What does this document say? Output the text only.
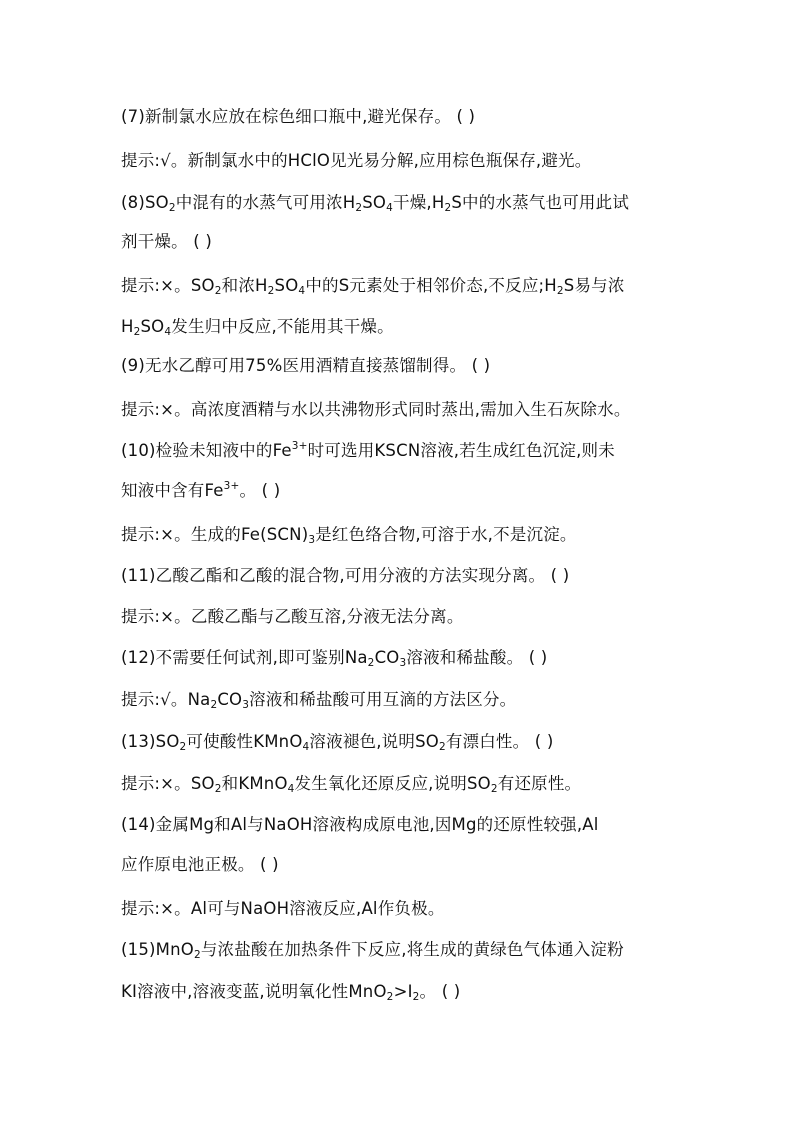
(7)新制氯水应放在棕色细口瓶中,避光保存。 ( )
提示:√。新制氯水中的HClO见光易分解,应用棕色瓶保存,避光。
$(8)SO_2$中混有的水蒸气可用浓$H_2SO_4$干燥$,H_2S$中的水蒸气也可用此试
剂干燥。 ( )
提示:×。$SO_2$和浓$H_2SO_4$中的S元素处于相邻价态,不反应$;H_2S$易与浓
$H_2SO_4$发生归中反应,不能用其干燥。
(9)无水乙醇可用75%医用酒精直接蒸馏制得。 ( )
提示:×。高浓度酒精与水以共沸物形式同时蒸出,需加入生石灰除水。
(10)检验未知液中的$Fe^{3+}$时可选用KSCN溶液,若生成红色沉淀,则未
知液中含有$Fe^{3+}$。 ( )
提示:×。生成的$Fe(SCN)_3$是红色络合物,可溶于水,不是沉淀。
(11)乙酸乙酯和乙酸的混合物,可用分液的方法实现分离。 ( )
提示:×。乙酸乙酯与乙酸互溶,分液无法分离。
(12)不需要任何试剂,即可鉴别$Na_2CO_3$溶液和稀盐酸。 ( )
提示:√。$Na_2CO_3$溶液和稀盐酸可用互滴的方法区分。
$(13)SO_2$可使酸性KMnO$_4$溶液褪色,说明$SO_2$有漂白性。 ( )
提示:×。$SO_2$和KMnO$_4$发生氧化还原反应,说明$SO_2$有还原性。
(14)金属Mg和Al与NaOH溶液构成原电池,因Mg的还原性较强,Al
应作原电池正极。 ( )
提示:×。Al可与NaOH溶液反应,Al作负极。
(15)MnO$_2$与浓盐酸在加热条件下反应,将生成的黄绿色气体通入淀粉
KI溶液中,溶液变蓝,说明氧化性$MnO_2>I_2$。 ( )
